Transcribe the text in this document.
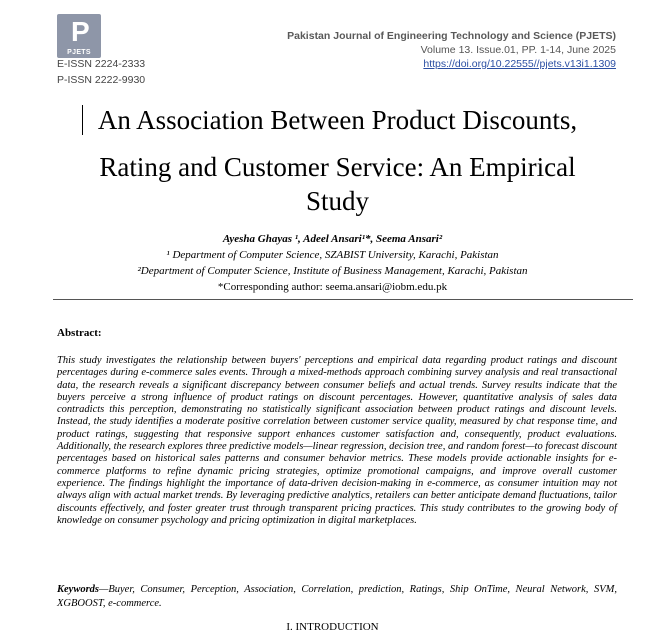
P
PJETS
E-ISSN 2224-2333
P-ISSN 2222-9930
Pakistan Journal of Engineering Technology and Science (PJETS)
Volume 13. Issue.01, PP. 1-14, June 2025
https://doi.org/10.22555//pjets.v13i1.1309
An Association Between Product Discounts,
Rating and Customer Service: An Empirical
Study
Ayesha Ghayas ¹, Adeel Ansari¹*, Seema Ansari²
¹ Department of Computer Science, SZABIST University, Karachi, Pakistan
²Department of Computer Science, Institute of Business Management, Karachi, Pakistan
*Corresponding author: seema.ansari@iobm.edu.pk
Abstract:
This study investigates the relationship between buyers' perceptions and empirical data regarding product ratings and discount percentages during e-commerce sales events. Through a mixed-methods approach combining survey analysis and real transactional data, the research reveals a significant discrepancy between consumer beliefs and actual trends. Survey results indicate that the buyers perceive a strong influence of product ratings on discount percentages. However, quantitative analysis of sales data contradicts this perception, demonstrating no statistically significant association between product ratings and discount levels. Instead, the study identifies a moderate positive correlation between customer service quality, measured by chat response time, and product ratings, suggesting that responsive support enhances customer satisfaction and, consequently, product evaluations. Additionally, the research explores three predictive models—linear regression, decision tree, and random forest—to forecast discount percentages based on historical sales patterns and consumer behavior metrics. These models provide actionable insights for e-commerce platforms to refine dynamic pricing strategies, optimize promotional campaigns, and improve overall customer experience. The findings highlight the importance of data-driven decision-making in e-commerce, as consumer intuition may not always align with actual market trends. By leveraging predictive analytics, retailers can better anticipate demand fluctuations, tailor discounts effectively, and foster greater trust through transparent pricing practices. This study contributes to the growing body of knowledge on consumer psychology and pricing optimization in digital marketplaces.
Keywords—Buyer, Consumer, Perception, Association, Correlation, prediction, Ratings, Ship OnTime, Neural Network, SVM, XGBOOST, e-commerce.
I. INTRODUCTION
